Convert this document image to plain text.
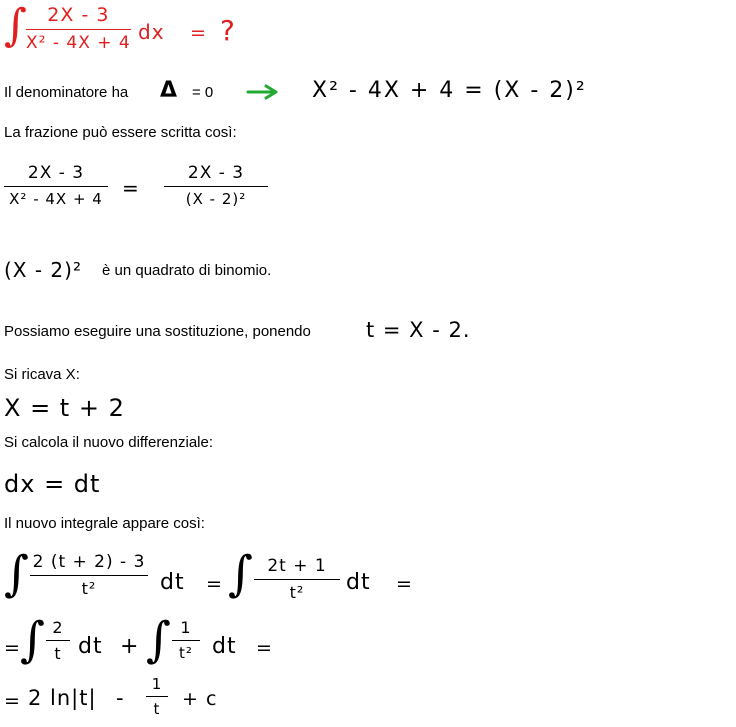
∫ 2X - 3
X² - 4X + 4 dx = ?
Il denominatore ha Δ = 0	X² - 4X + 4 = (X - 2)²
La frazione può essere scritta così:
2X - 3
X² - 4X + 4 =
2X - 3
(X - 2)²
(X - 2)² è un quadrato di binomio.
Possiamo eseguire una sostituzione, ponendo	t = X - 2.
Si ricava X:
X = t + 2
Si calcola il nuovo differenziale:
dx = dt
Il nuovo integrale appare così:
∫ 2 (t + 2) - 3
t²	dt = ∫ 2t + 1
t² dt =
= ∫ 2
t dt + ∫ 1
t² dt =
= 2 ln|t| -
1
t + c
